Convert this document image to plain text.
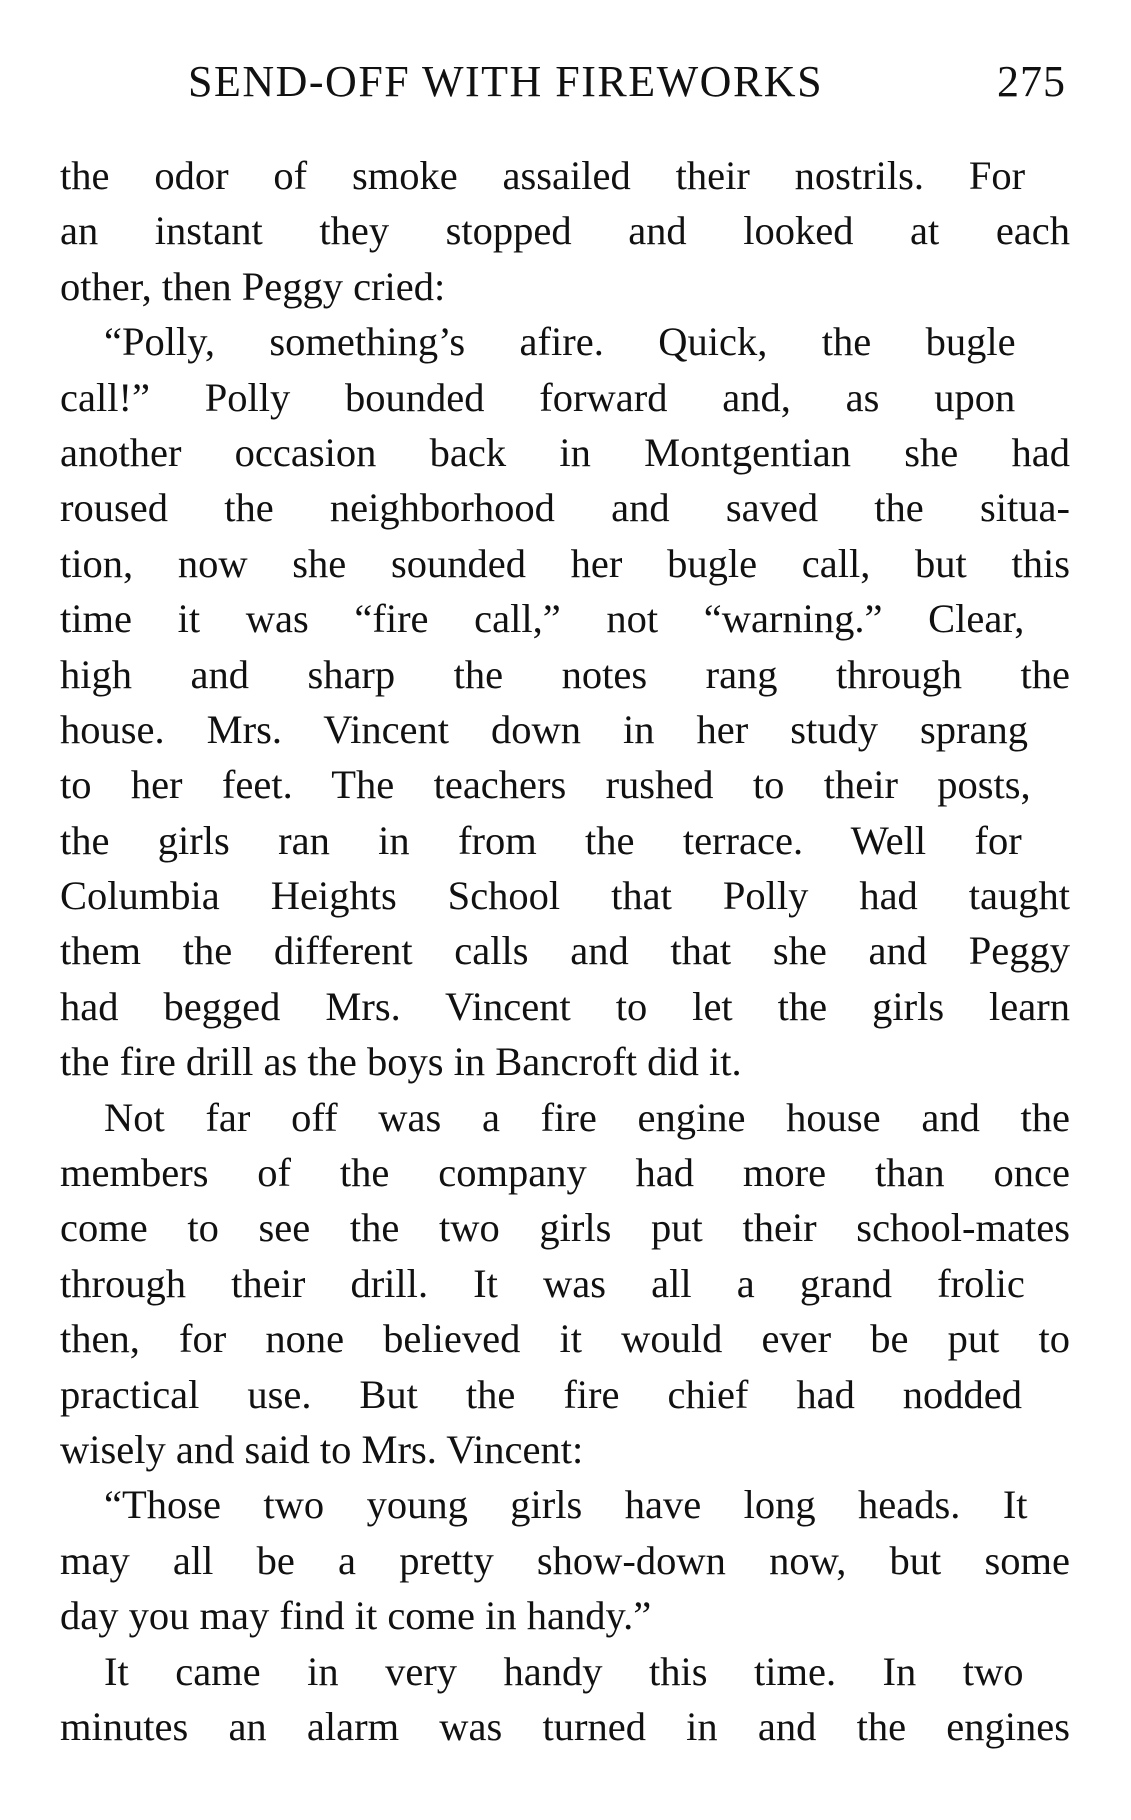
SEND-OFF WITH FIREWORKS	275
the odor of smoke assailed their nostrils. For
an instant they stopped and looked at each
other, then Peggy cried:
“Polly, something’s afire. Quick, the bugle
call!” Polly bounded forward and, as upon
another occasion back in Montgentian she had
roused the neighborhood and saved the situa-
tion, now she sounded her bugle call, but this
time it was “fire call,” not “warning.” Clear,
high and sharp the notes rang through the
house. Mrs. Vincent down in her study sprang
to her feet. The teachers rushed to their posts,
the girls ran in from the terrace. Well for
Columbia Heights School that Polly had taught
them the different calls and that she and Peggy
had begged Mrs. Vincent to let the girls learn
the fire drill as the boys in Bancroft did it.
Not far off was a fire engine house and the
members of the company had more than once
come to see the two girls put their school-mates
through their drill. It was all a grand frolic
then, for none believed it would ever be put to
practical use. But the fire chief had nodded
wisely and said to Mrs. Vincent:
“Those two young girls have long heads. It
may all be a pretty show-down now, but some
day you may find it come in handy.”
It came in very handy this time. In two
minutes an alarm was turned in and the engines
